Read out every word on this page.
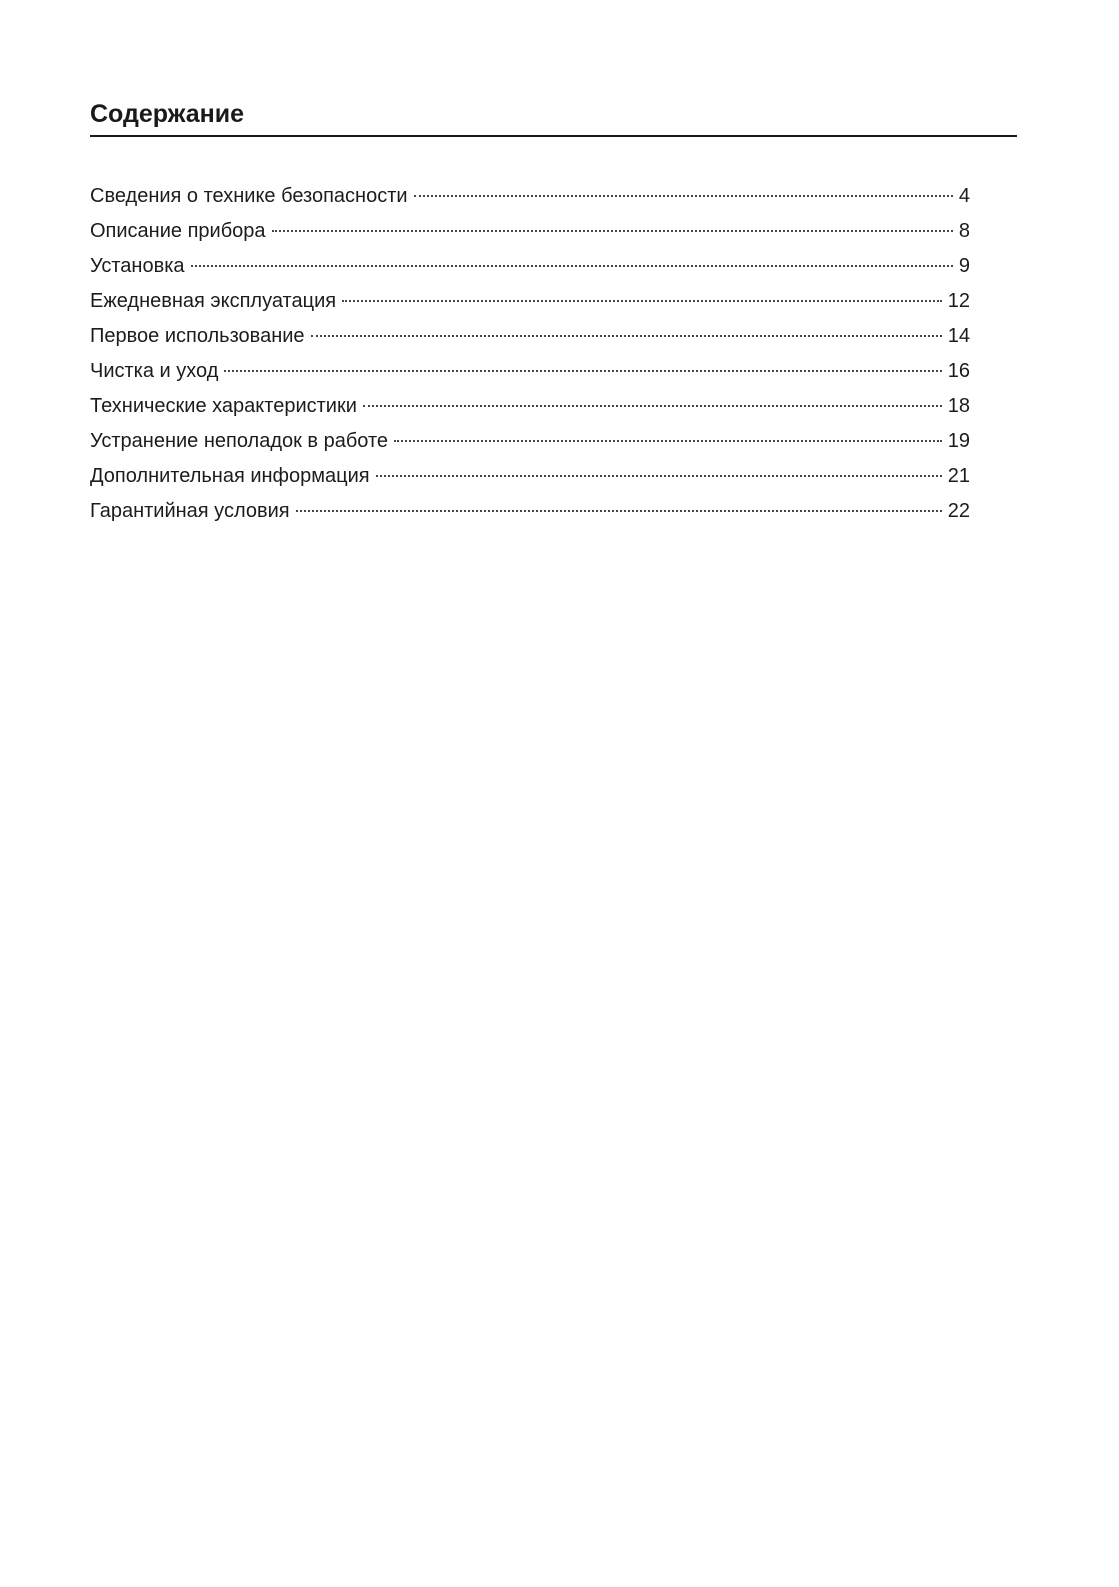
Содержание
Сведения о технике безопасности	4
Описание прибора	8
Установка	9
Ежедневная эксплуатация	12
Первое использование	14
Чистка и уход	16
Технические характеристики	18
Устранение неполадок в работе	19
Дополнительная информация	21
Гарантийная условия	22
